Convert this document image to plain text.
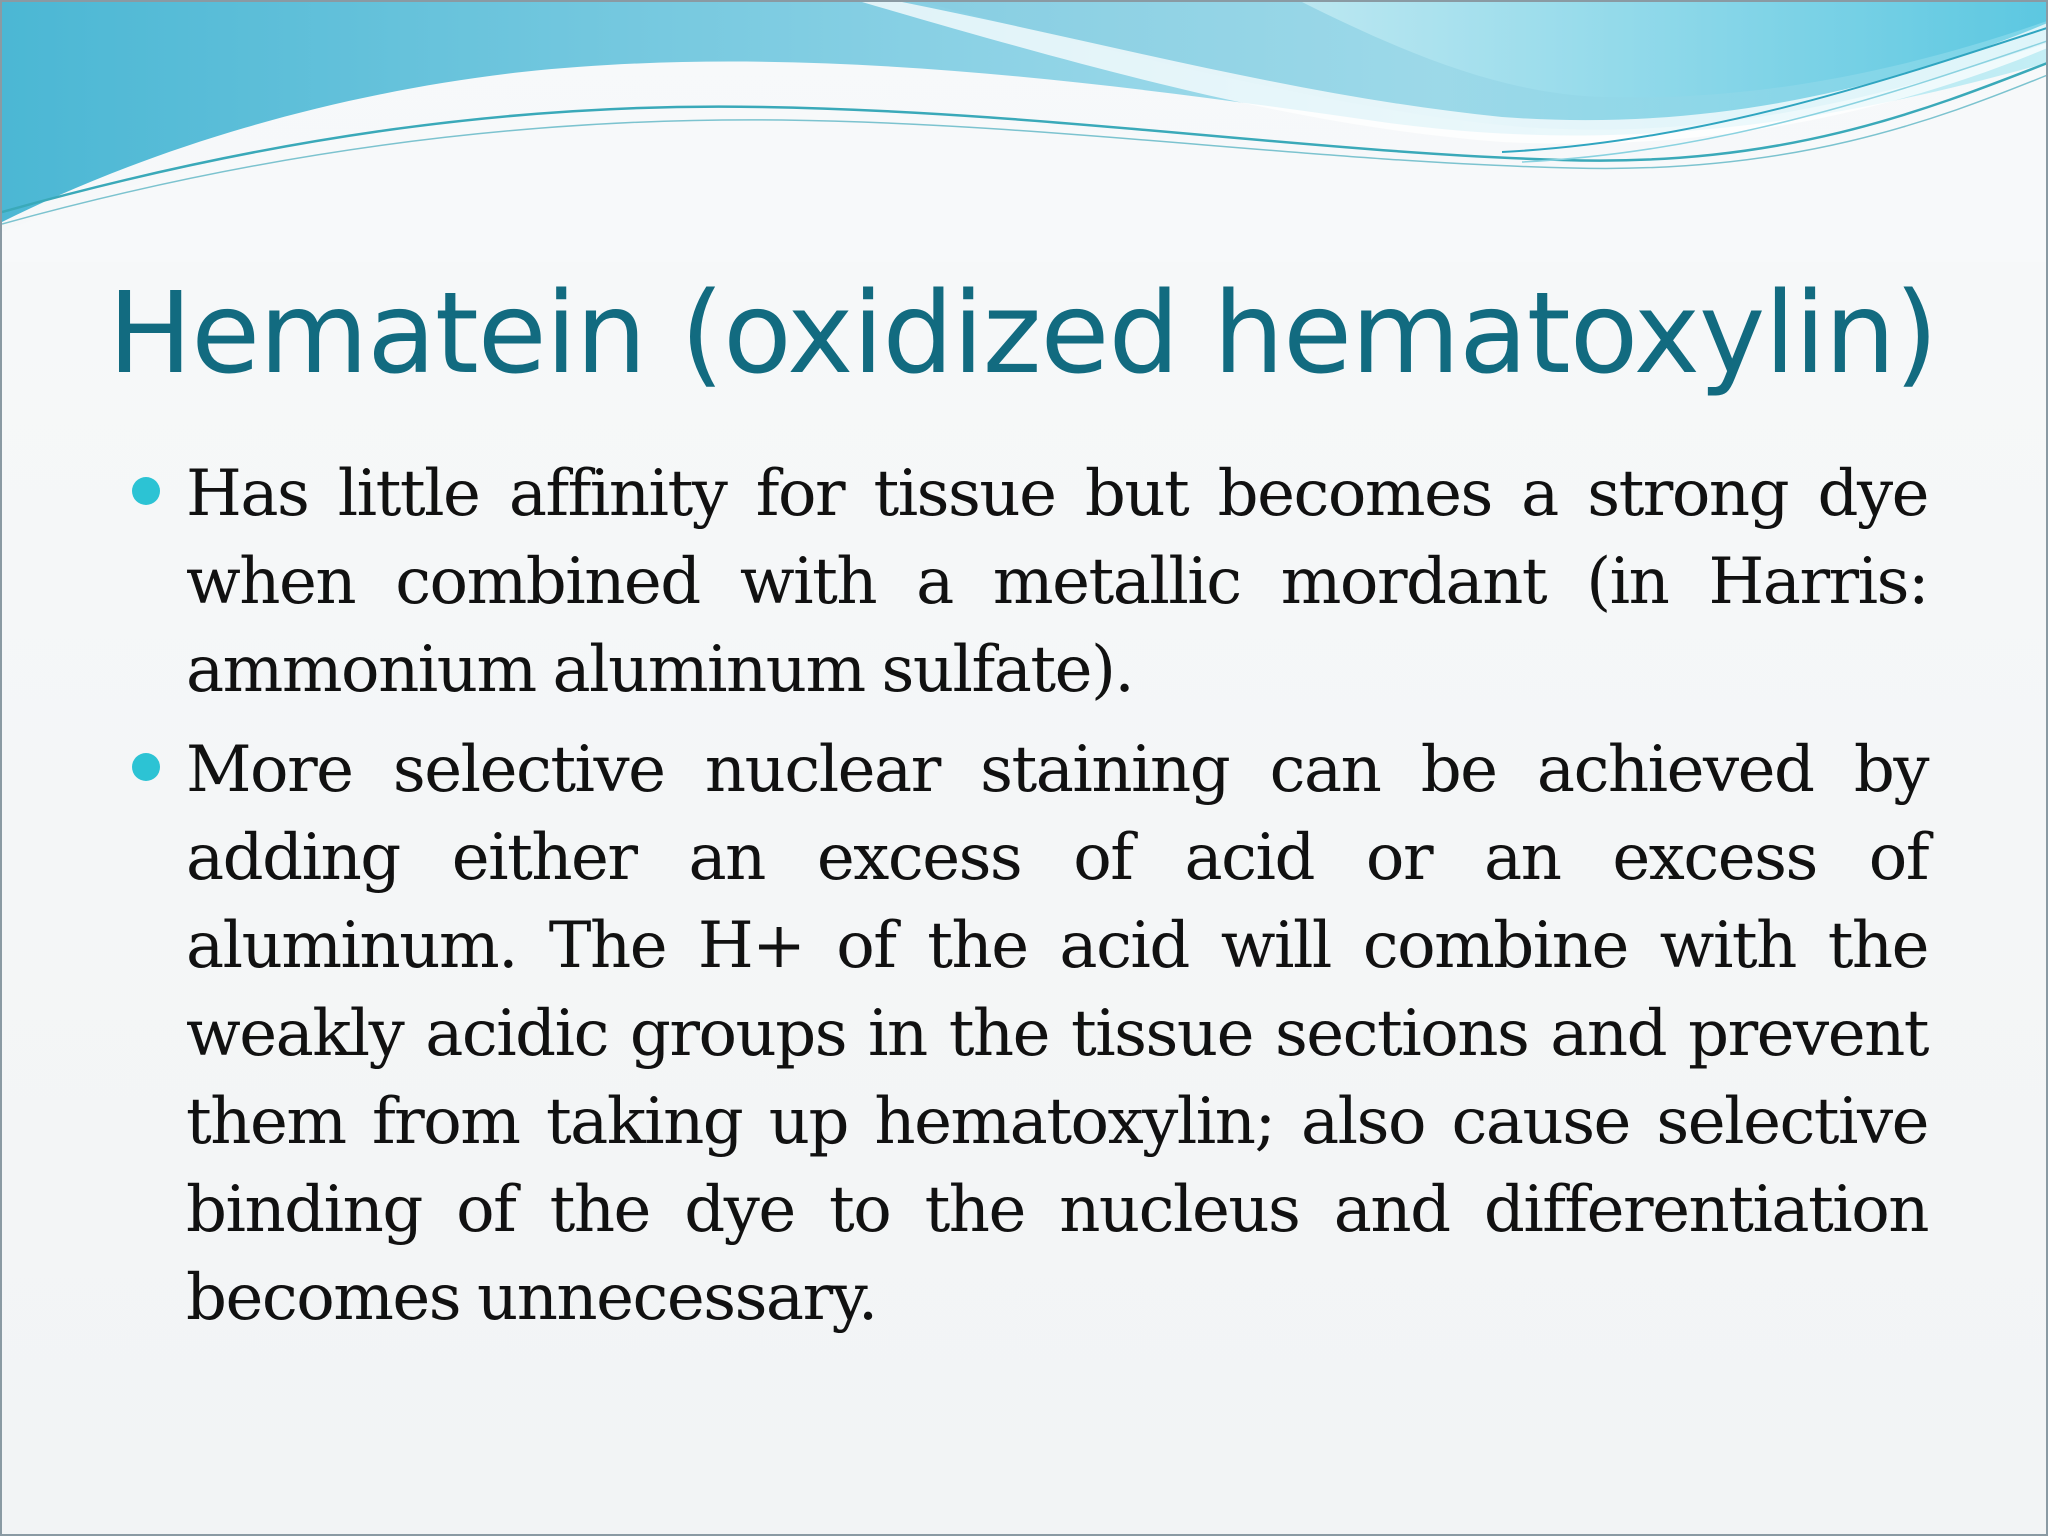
Hematein (oxidized hematoxylin)
Has little affinity for tissue but becomes a strong dye when combined with a metallic mordant (in Harris: ammonium aluminum sulfate).
More selective nuclear staining can be achieved by adding either an excess of acid or an excess of aluminum. The H+ of the acid will combine with the weakly acidic groups in the tissue sections and prevent them from taking up hematoxylin; also cause selective binding of the dye to the nucleus and differentiation becomes unnecessary.
